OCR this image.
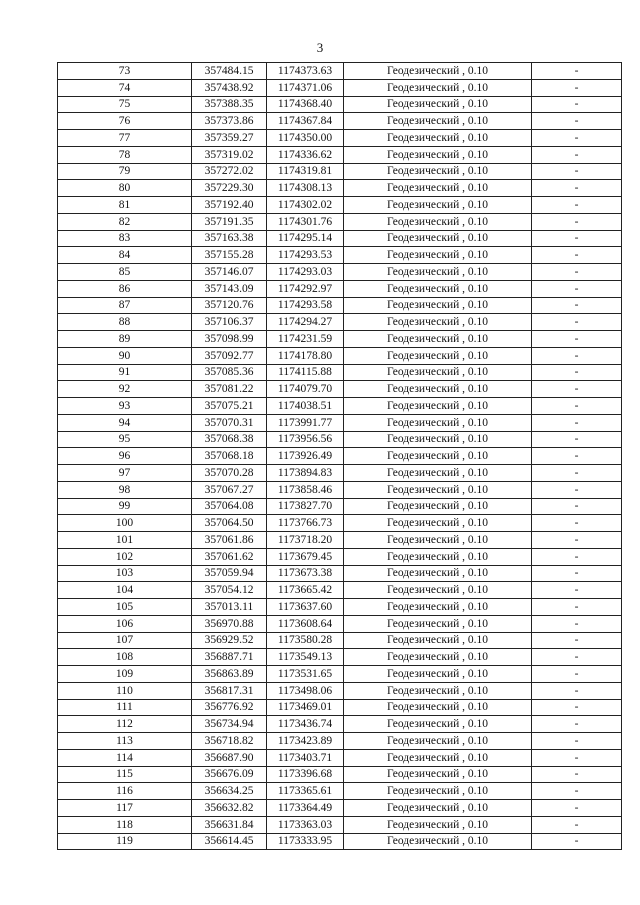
3
73	357484.15	1174373.63	Геодезический , 0.10	-
74	357438.92	1174371.06	Геодезический , 0.10	-
75	357388.35	1174368.40	Геодезический , 0.10	-
76	357373.86	1174367.84	Геодезический , 0.10	-
77	357359.27	1174350.00	Геодезический , 0.10	-
78	357319.02	1174336.62	Геодезический , 0.10	-
79	357272.02	1174319.81	Геодезический , 0.10	-
80	357229.30	1174308.13	Геодезический , 0.10	-
81	357192.40	1174302.02	Геодезический , 0.10	-
82	357191.35	1174301.76	Геодезический , 0.10	-
83	357163.38	1174295.14	Геодезический , 0.10	-
84	357155.28	1174293.53	Геодезический , 0.10	-
85	357146.07	1174293.03	Геодезический , 0.10	-
86	357143.09	1174292.97	Геодезический , 0.10	-
87	357120.76	1174293.58	Геодезический , 0.10	-
88	357106.37	1174294.27	Геодезический , 0.10	-
89	357098.99	1174231.59	Геодезический , 0.10	-
90	357092.77	1174178.80	Геодезический , 0.10	-
91	357085.36	1174115.88	Геодезический , 0.10	-
92	357081.22	1174079.70	Геодезический , 0.10	-
93	357075.21	1174038.51	Геодезический , 0.10	-
94	357070.31	1173991.77	Геодезический , 0.10	-
95	357068.38	1173956.56	Геодезический , 0.10	-
96	357068.18	1173926.49	Геодезический , 0.10	-
97	357070.28	1173894.83	Геодезический , 0.10	-
98	357067.27	1173858.46	Геодезический , 0.10	-
99	357064.08	1173827.70	Геодезический , 0.10	-
100	357064.50	1173766.73	Геодезический , 0.10	-
101	357061.86	1173718.20	Геодезический , 0.10	-
102	357061.62	1173679.45	Геодезический , 0.10	-
103	357059.94	1173673.38	Геодезический , 0.10	-
104	357054.12	1173665.42	Геодезический , 0.10	-
105	357013.11	1173637.60	Геодезический , 0.10	-
106	356970.88	1173608.64	Геодезический , 0.10	-
107	356929.52	1173580.28	Геодезический , 0.10	-
108	356887.71	1173549.13	Геодезический , 0.10	-
109	356863.89	1173531.65	Геодезический , 0.10	-
110	356817.31	1173498.06	Геодезический , 0.10	-
111	356776.92	1173469.01	Геодезический , 0.10	-
112	356734.94	1173436.74	Геодезический , 0.10	-
113	356718.82	1173423.89	Геодезический , 0.10	-
114	356687.90	1173403.71	Геодезический , 0.10	-
115	356676.09	1173396.68	Геодезический , 0.10	-
116	356634.25	1173365.61	Геодезический , 0.10	-
117	356632.82	1173364.49	Геодезический , 0.10	-
118	356631.84	1173363.03	Геодезический , 0.10	-
119	356614.45	1173333.95	Геодезический , 0.10	-
